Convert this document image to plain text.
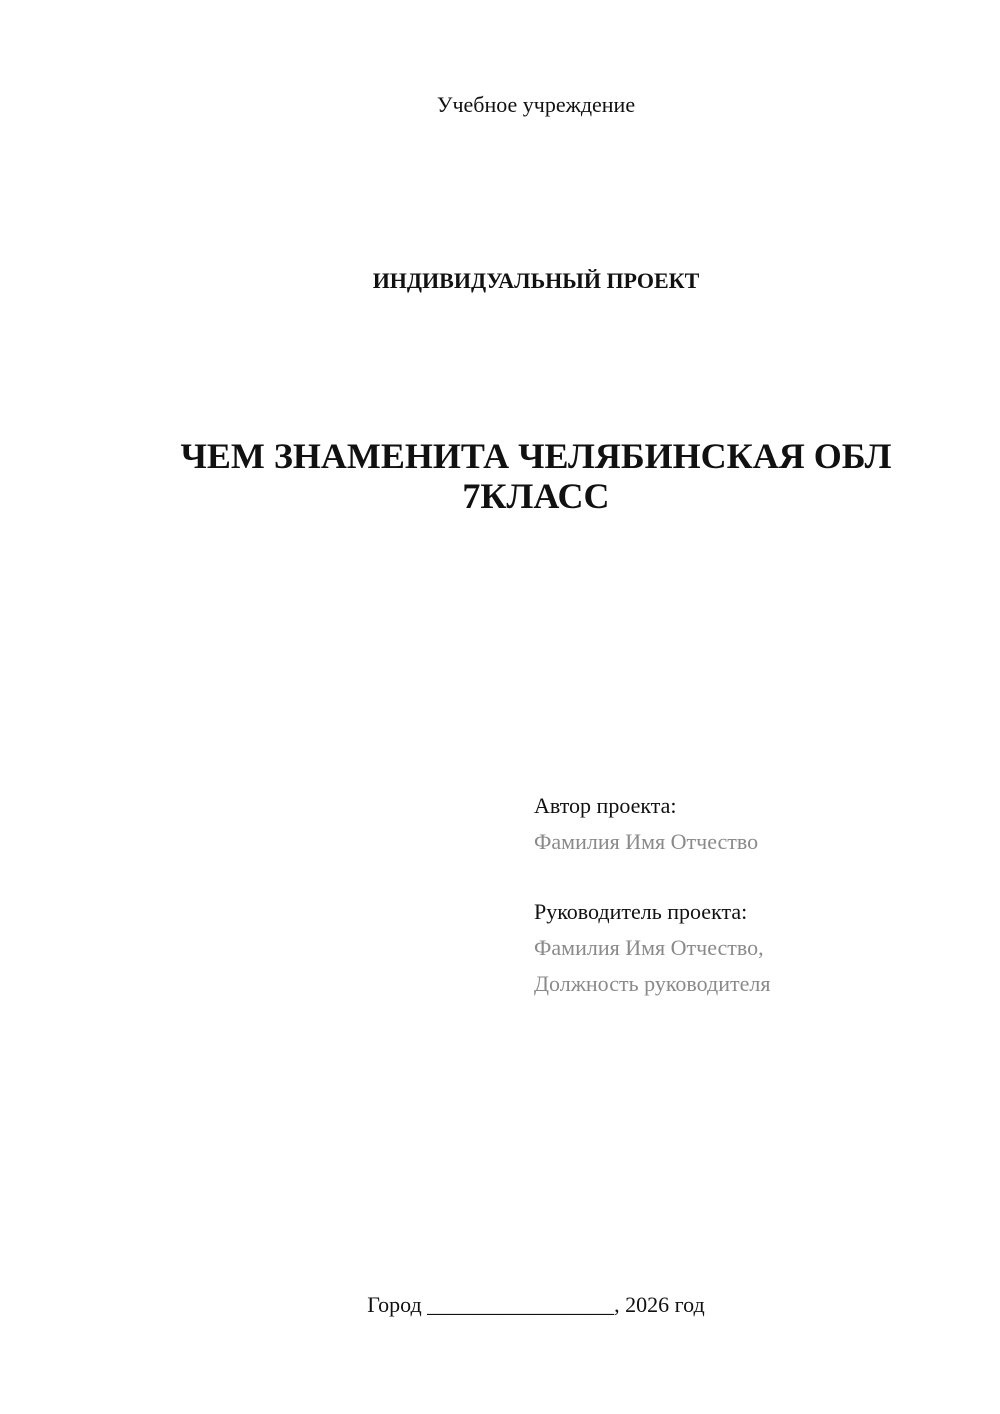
Учебное учреждение
ИНДИВИДУАЛЬНЫЙ ПРОЕКТ
ЧЕМ ЗНАМЕНИТА ЧЕЛЯБИНСКАЯ ОБЛ
7КЛАСС
Автор проекта:
Фамилия Имя Отчество
Руководитель проекта:
Фамилия Имя Отчество,
Должность руководителя
Город _________________, 2026 год
